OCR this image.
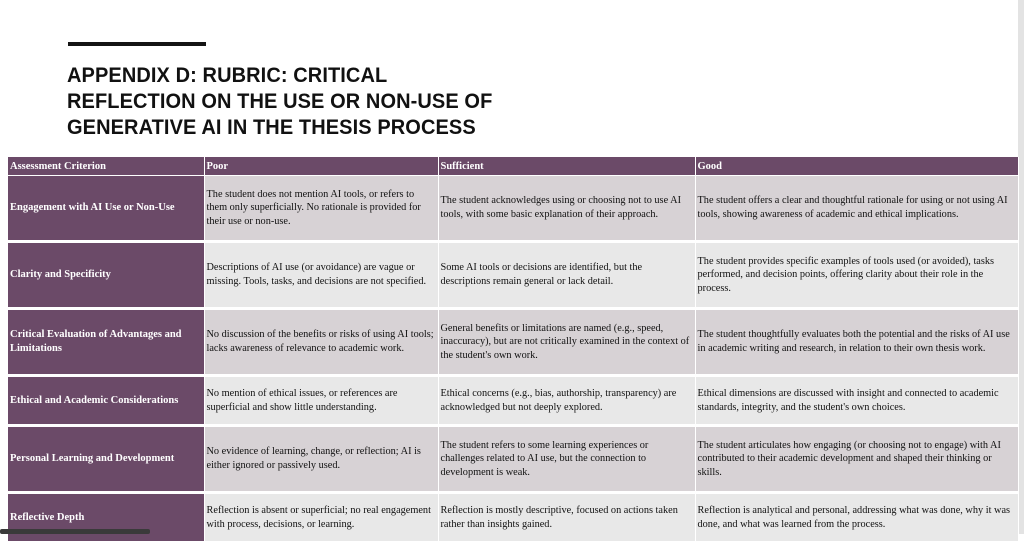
APPENDIX D: RUBRIC: CRITICAL
REFLECTION ON THE USE OR NON-USE OF
GENERATIVE AI IN THE THESIS PROCESS
Assessment Criterion	Poor	Sufficient	Good
Engagement with AI Use or Non-Use	The student does not mention AI tools, or refers to them only superficially. No rationale is provided for their use or non-use.	The student acknowledges using or choosing not to use AI tools, with some basic explanation of their approach.	The student offers a clear and thoughtful rationale for using or not using AI tools, showing awareness of academic and ethical implications.
Clarity and Specificity	Descriptions of AI use (or avoidance) are vague or missing. Tools, tasks, and decisions are not specified.	Some AI tools or decisions are identified, but the descriptions remain general or lack detail.	The student provides specific examples of tools used (or avoided), tasks performed, and decision points, offering clarity about their role in the process.
Critical Evaluation of Advantages and Limitations	No discussion of the benefits or risks of using AI tools; lacks awareness of relevance to academic work.	General benefits or limitations are named (e.g., speed, inaccuracy), but are not critically examined in the context of the student's own work.	The student thoughtfully evaluates both the potential and the risks of AI use in academic writing and research, in relation to their own thesis work.
Ethical and Academic Considerations	No mention of ethical issues, or references are superficial and show little understanding.	Ethical concerns (e.g., bias, authorship, transparency) are acknowledged but not deeply explored.	Ethical dimensions are discussed with insight and connected to academic standards, integrity, and the student's own choices.
Personal Learning and Development	No evidence of learning, change, or reflection; AI is either ignored or passively used.	The student refers to some learning experiences or challenges related to AI use, but the connection to development is weak.	The student articulates how engaging (or choosing not to engage) with AI contributed to their academic development and shaped their thinking or skills.
Reflective Depth	Reflection is absent or superficial; no real engagement with process, decisions, or learning.	Reflection is mostly descriptive, focused on actions taken rather than insights gained.	Reflection is analytical and personal, addressing what was done, why it was done, and what was learned from the process.
